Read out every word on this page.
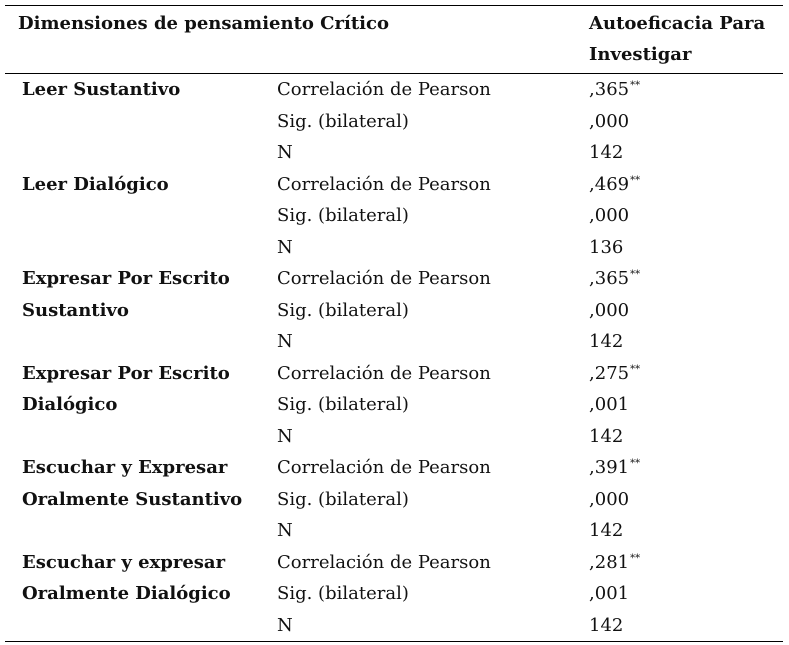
Dimensiones de pensamiento Crítico		Autoeficacia Para
Investigar
Leer Sustantivo	Correlación de Pearson	,365**
	Sig. (bilateral)	,000
	N	142
Leer Dialógico	Correlación de Pearson	,469**
	Sig. (bilateral)	,000
	N	136
Expresar Por Escrito	Correlación de Pearson	,365**
Sustantivo	Sig. (bilateral)	,000
	N	142
Expresar Por Escrito	Correlación de Pearson	,275**
Dialógico	Sig. (bilateral)	,001
	N	142
Escuchar y Expresar	Correlación de Pearson	,391**
Oralmente Sustantivo	Sig. (bilateral)	,000
	N	142
Escuchar y expresar	Correlación de Pearson	,281**
Oralmente Dialógico	Sig. (bilateral)	,001
	N	142
